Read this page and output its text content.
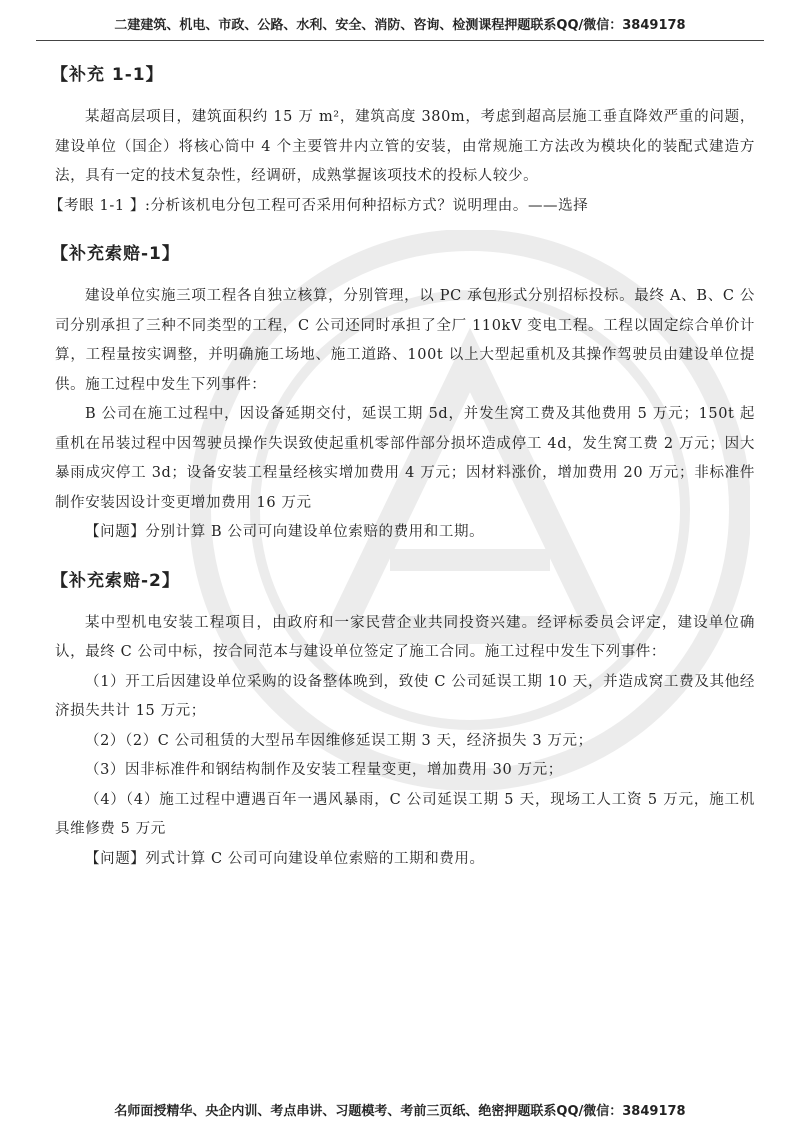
二建建筑、机电、市政、公路、水利、安全、消防、咨询、检测课程押题联系QQ/微信：3849178
【补充 1-1】

某超高层项目，建筑面积约 15 万 m²，建筑高度 380m，考虑到超高层施工垂直降效严重的问题，建设单位（国企）将核心筒中 4 个主要管井内立管的安装，由常规施工方法改为模块化的装配式建造方法，具有一定的技术复杂性，经调研，成熟掌握该项技术的投标人较少。

【考眼 1-1 】:分析该机电分包工程可否采用何种招标方式？说明理由。——选择

【补充索赔-1】

建设单位实施三项工程各自独立核算，分别管理，以 PC 承包形式分别招标投标。最终 A、B、C 公司分别承担了三种不同类型的工程，C 公司还同时承担了全厂 110kV 变电工程。工程以固定综合单价计算，工程量按实调整，并明确施工场地、施工道路、100t 以上大型起重机及其操作驾驶员由建设单位提供。施工过程中发生下列事件：

B 公司在施工过程中，因设备延期交付，延误工期 5d，并发生窝工费及其他费用 5 万元；150t 起重机在吊装过程中因驾驶员操作失误致使起重机零部件部分损坏造成停工 4d，发生窝工费 2 万元；因大暴雨成灾停工 3d；设备安装工程量经核实增加费用 4 万元；因材料涨价，增加费用 20 万元；非标准件制作安装因设计变更增加费用 16 万元

【问题】分别计算 B 公司可向建设单位索赔的费用和工期。

【补充索赔-2】

某中型机电安装工程项目，由政府和一家民营企业共同投资兴建。经评标委员会评定，建设单位确认，最终 C 公司中标，按合同范本与建设单位签定了施工合同。施工过程中发生下列事件：

（1）开工后因建设单位采购的设备整体晚到，致使 C 公司延误工期 10 天，并造成窝工费及其他经济损失共计 15 万元；

（2）（2）C 公司租赁的大型吊车因维修延误工期 3 天，经济损失 3 万元；

（3）因非标准件和钢结构制作及安装工程量变更，增加费用 30 万元；

（4）（4）施工过程中遭遇百年一遇风暴雨，C 公司延误工期 5 天，现场工人工资 5 万元，施工机具维修费 5 万元

【问题】列式计算 C 公司可向建设单位索赔的工期和费用。

名师面授精华、央企内训、考点串讲、习题模考、考前三页纸、绝密押题联系QQ/微信：3849178
